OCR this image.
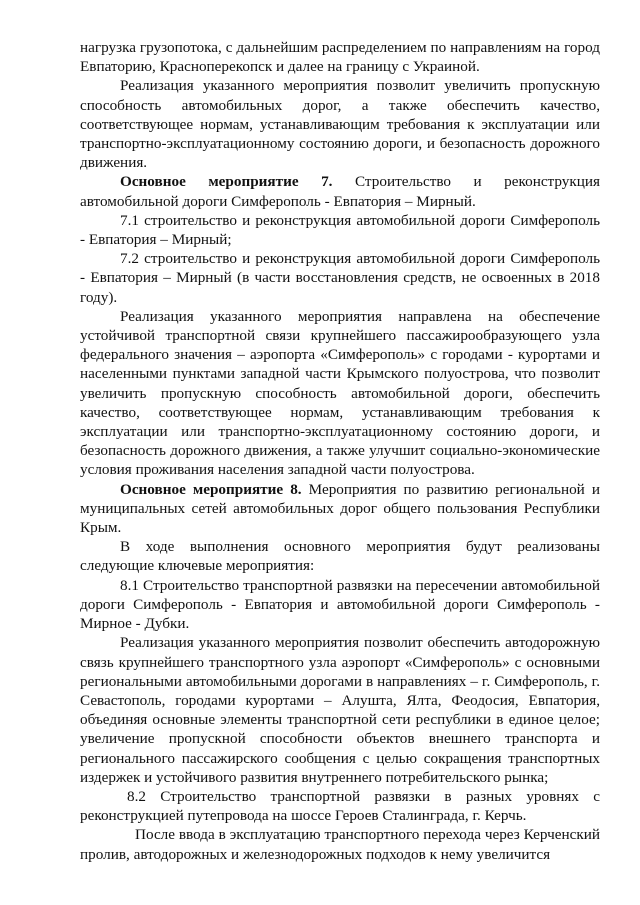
нагрузка грузопотока, с дальнейшим распределением по направлениям на город Евпаторию, Красноперекопск и далее на границу с Украиной.

Реализация указанного мероприятия позволит увеличить пропускную способность автомобильных дорог, а также обеспечить качество, соответствующее нормам, устанавливающим требования к эксплуатации или транспортно-эксплуатационному состоянию дороги, и безопасность дорожного движения.

Основное мероприятие 7. Строительство и реконструкция автомобильной дороги Симферополь - Евпатория – Мирный.

7.1 строительство и реконструкция автомобильной дороги Симферополь - Евпатория – Мирный;

7.2 строительство и реконструкция автомобильной дороги Симферополь - Евпатория – Мирный (в части восстановления средств, не освоенных в 2018 году).

Реализация указанного мероприятия направлена на обеспечение устойчивой транспортной связи крупнейшего пассажирообразующего узла федерального значения – аэропорта «Симферополь» с городами - курортами и населенными пунктами западной части Крымского полуострова, что позволит увеличить пропускную способность автомобильной дороги, обеспечить качество, соответствующее нормам, устанавливающим требования к эксплуатации или транспортно-эксплуатационному состоянию дороги, и безопасность дорожного движения, а также улучшит социально-экономические условия проживания населения западной части полуострова.

Основное мероприятие 8. Мероприятия по развитию региональной и муниципальных сетей автомобильных дорог общего пользования Республики Крым.

В ходе выполнения основного мероприятия будут реализованы следующие ключевые мероприятия:

8.1 Строительство транспортной развязки на пересечении автомобильной дороги Симферополь - Евпатория и автомобильной дороги Симферополь - Мирное - Дубки.

Реализация указанного мероприятия позволит обеспечить автодорожную связь крупнейшего транспортного узла аэропорт «Симферополь» с основными региональными автомобильными дорогами в направлениях – г. Симферополь, г. Севастополь, городами курортами – Алушта, Ялта, Феодосия, Евпатория, объединяя основные элементы транспортной сети республики в единое целое; увеличение пропускной способности объектов внешнего транспорта и регионального пассажирского сообщения с целью сокращения транспортных издержек и устойчивого развития внутреннего потребительского рынка;

8.2 Строительство транспортной развязки в разных уровнях с реконструкцией путепровода на шоссе Героев Сталинграда, г. Керчь.

После ввода в эксплуатацию транспортного перехода через Керченский пролив, автодорожных и железнодорожных подходов к нему увеличится
